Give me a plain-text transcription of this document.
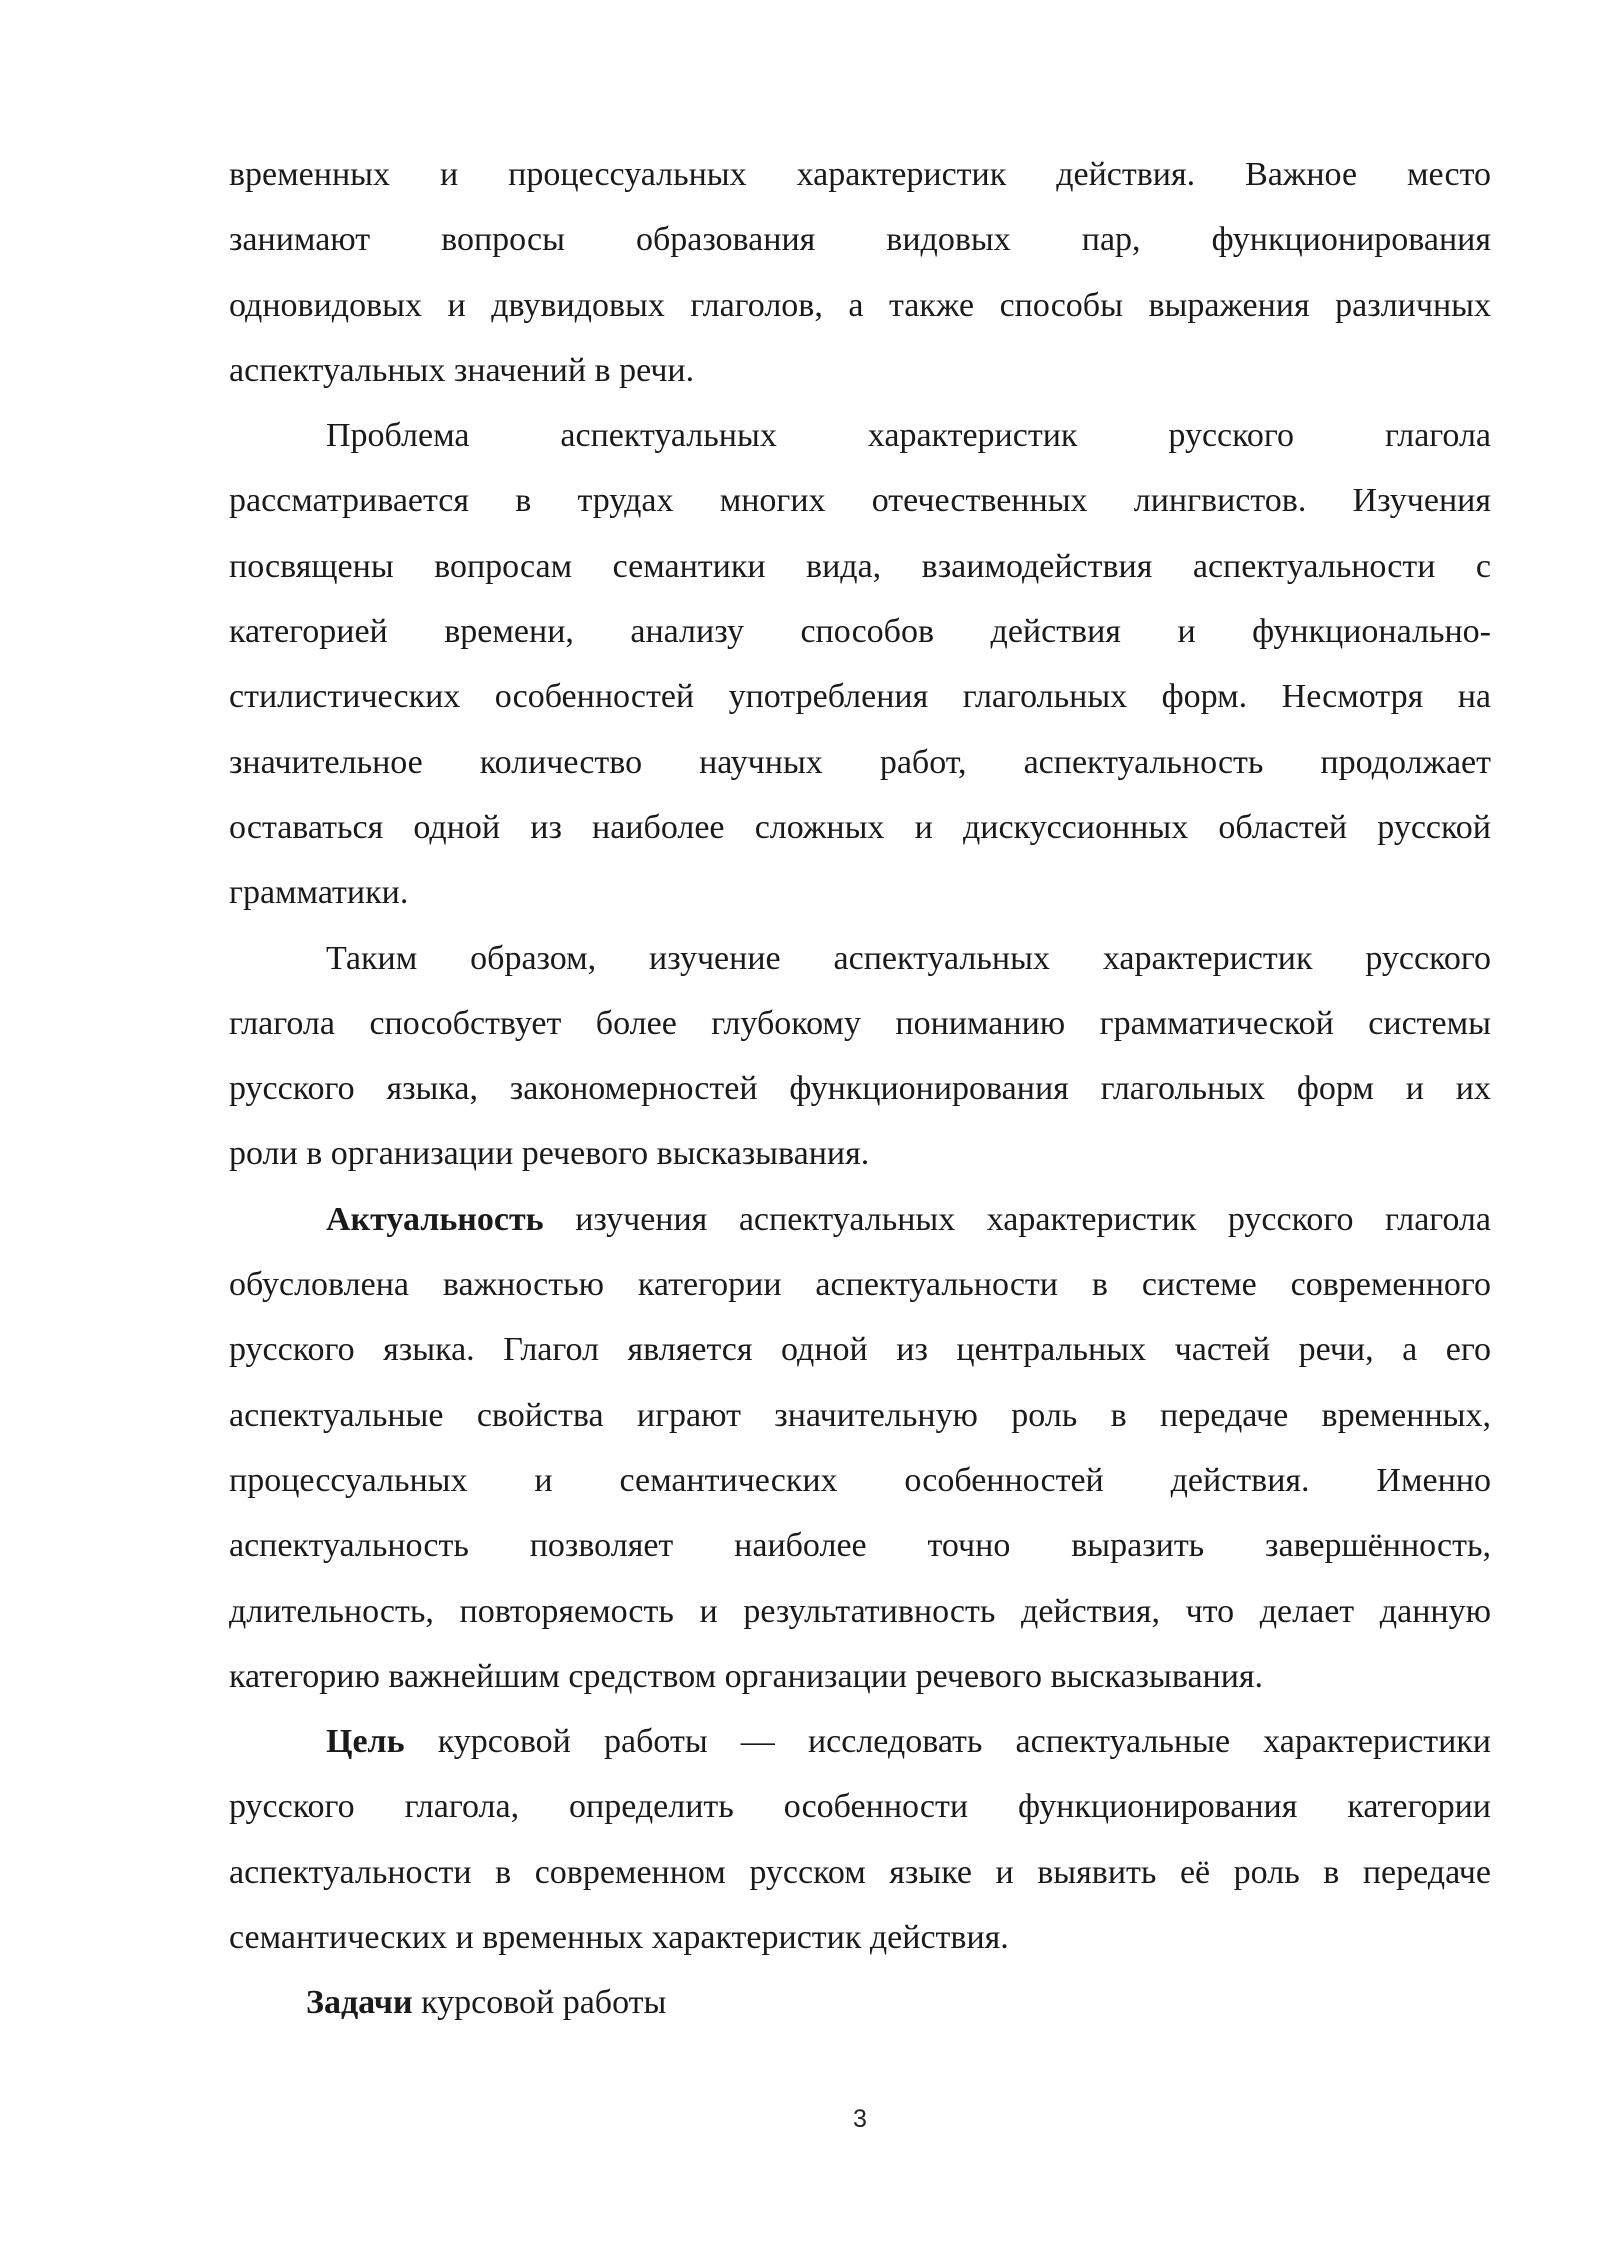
временных и процессуальных характеристик действия. Важное место
занимают вопросы образования видовых пар, функционирования
одновидовых и двувидовых глаголов, а также способы выражения различных
аспектуальных значений в речи.
Проблема аспектуальных характеристик русского глагола
рассматривается в трудах многих отечественных лингвистов. Изучения
посвящены вопросам семантики вида, взаимодействия аспектуальности с
категорией времени, анализу способов действия и функционально-
стилистических особенностей употребления глагольных форм. Несмотря на
значительное количество научных работ, аспектуальность продолжает
оставаться одной из наиболее сложных и дискуссионных областей русской
грамматики.
Таким образом, изучение аспектуальных характеристик русского
глагола способствует более глубокому пониманию грамматической системы
русского языка, закономерностей функционирования глагольных форм и их
роли в организации речевого высказывания.
Актуальность изучения аспектуальных характеристик русского глагола
обусловлена важностью категории аспектуальности в системе современного
русского языка. Глагол является одной из центральных частей речи, а его
аспектуальные свойства играют значительную роль в передаче временных,
процессуальных и семантических особенностей действия. Именно
аспектуальность позволяет наиболее точно выразить завершённость,
длительность, повторяемость и результативность действия, что делает данную
категорию важнейшим средством организации речевого высказывания.
Цель курсовой работы — исследовать аспектуальные характеристики
русского глагола, определить особенности функционирования категории
аспектуальности в современном русском языке и выявить её роль в передаче
семантических и временных характеристик действия.
Задачи курсовой работы
3
